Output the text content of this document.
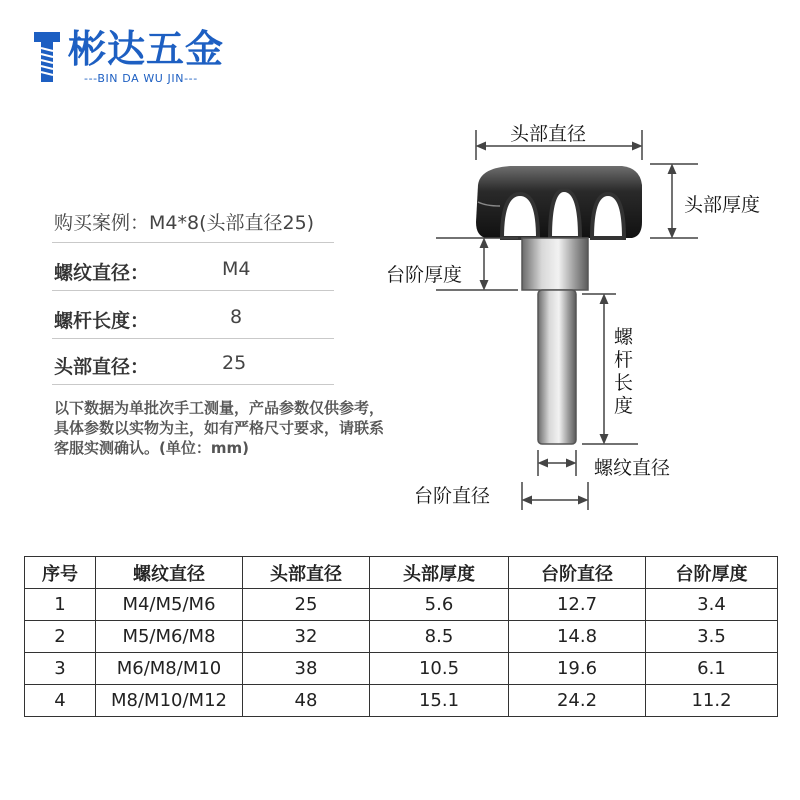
彬达五金
---BIN DA WU JIN---
购买案例：M4*8(头部直径25)
螺纹直径：	M4
螺杆长度：	8
头部直径：	25
以下数据为单批次手工测量，产品参数仅供参考，具体参数以实物为主，如有严格尺寸要求，请联系客服实测确认。(单位：mm)
头部直径
头部厚度
台阶厚度
螺
杆
长
度
螺纹直径
台阶直径
序号	螺纹直径	头部直径	头部厚度	台阶直径	台阶厚度
1	M4/M5/M6	25	5.6	12.7	3.4
2	M5/M6/M8	32	8.5	14.8	3.5
3	M6/M8/M10	38	10.5	19.6	6.1
4	M8/M10/M12	48	15.1	24.2	11.2
